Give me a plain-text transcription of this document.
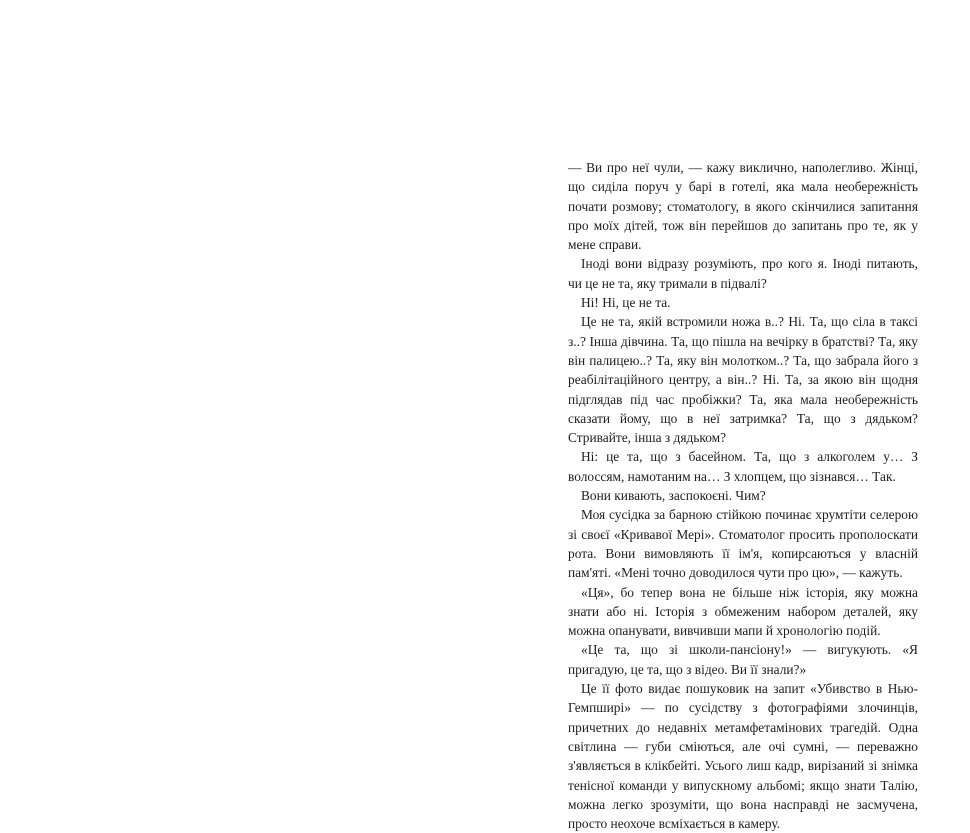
— Ви про неї чули, — кажу виклично, наполегливо. Жінці, що сиділа поруч у барі в готелі, яка мала необережність почати розмову; стоматологу, в якого скінчилися запитання про моїх дітей, тож він перейшов до запитань про те, як у мене справи.

Іноді вони відразу розуміють, про кого я. Іноді питають, чи це не та, яку тримали в підвалі?

Ні! Ні, це не та.

Це не та, якій встромили ножа в..? Ні. Та, що сіла в таксі з..? Інша дівчина. Та, що пішла на вечірку в братстві? Та, яку він палицею..? Та, яку він молотком..? Та, що забрала його з реабілітаційного центру, а він..? Ні. Та, за якою він щодня підглядав під час пробіжки? Та, яка мала необережність сказати йому, що в неї затримка? Та, що з дядьком? Стривайте, інша з дядьком?

Ні: це та, що з басейном. Та, що з алкоголем у… З волоссям, намотаним на… З хлопцем, що зізнався… Так.

Вони кивають, заспокоєні. Чим?

Моя сусідка за барною стійкою починає хрумтіти селерою зі своєї «Кривавої Мері». Стоматолог просить прополоскати рота. Вони вимовляють її ім'я, копирсаються у власній пам'яті. «Мені точно доводилося чути про цю», — кажуть.

«Ця», бо тепер вона не більше ніж історія, яку можна знати або ні. Історія з обмеженим набором деталей, яку можна опанувати, вивчивши мапи й хронологію подій.

«Це та, що зі школи-пансіону!» — вигукують. «Я пригадую, це та, що з відео. Ви її знали?»

Це її фото видає пошуковик на запит «Убивство в Нью-Гемпширі» — по сусідству з фотографіями злочинців, причетних до недавніх метамфетамінових трагедій. Одна світлина — губи сміються, але очі сумні, — переважно з'являється в клікбейті. Усього лиш кадр, вирізаний зі знімка тенісної команди у випускному альбомі; якщо знати Талію, можна легко зрозуміти, що вона насправді не засмучена, просто неохоче всміхається в камеру.
